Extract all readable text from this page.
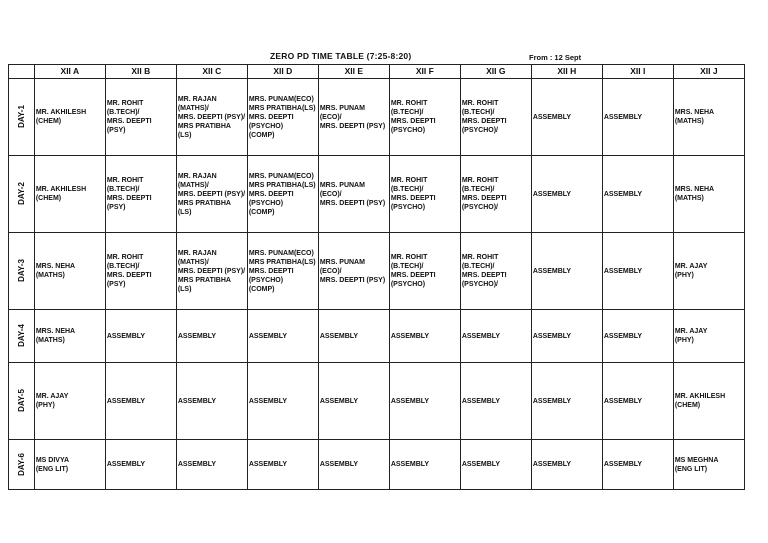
ZERO PD TIME TABLE (7:25-8:20)	From : 12 Sept
	XII A	XII B	XII C	XII D	XII E	XII F	XII G	XII H	XII I	XII J
DAY-1	MR. AKHILESH
(CHEM)	MR. ROHIT
(B.TECH)/
MRS. DEEPTI
(PSY)	MR. RAJAN
(MATHS)/
MRS. DEEPTI (PSY)/
MRS PRATIBHA
(LS)	MRS. PUNAM(ECO)
MRS PRATIBHA(LS)
MRS. DEEPTI
(PSYCHO)
(COMP)	MRS. PUNAM
(ECO)/
MRS. DEEPTI (PSY)	MR. ROHIT
(B.TECH)/
MRS. DEEPTI
(PSYCHO)	MR. ROHIT
(B.TECH)/
MRS. DEEPTI
(PSYCHO)/	ASSEMBLY	ASSEMBLY	MRS. NEHA
(MATHS)
DAY-2	MR. AKHILESH
(CHEM)	MR. ROHIT
(B.TECH)/
MRS. DEEPTI
(PSY)	MR. RAJAN
(MATHS)/
MRS. DEEPTI (PSY)/
MRS PRATIBHA
(LS)	MRS. PUNAM(ECO)
MRS PRATIBHA(LS)
MRS. DEEPTI
(PSYCHO)
(COMP)	MRS. PUNAM
(ECO)/
MRS. DEEPTI (PSY)	MR. ROHIT
(B.TECH)/
MRS. DEEPTI
(PSYCHO)	MR. ROHIT
(B.TECH)/
MRS. DEEPTI
(PSYCHO)/	ASSEMBLY	ASSEMBLY	MRS. NEHA
(MATHS)
DAY-3	MRS. NEHA
(MATHS)	MR. ROHIT
(B.TECH)/
MRS. DEEPTI
(PSY)	MR. RAJAN
(MATHS)/
MRS. DEEPTI (PSY)/
MRS PRATIBHA
(LS)	MRS. PUNAM(ECO)
MRS PRATIBHA(LS)
MRS. DEEPTI
(PSYCHO)
(COMP)	MRS. PUNAM
(ECO)/
MRS. DEEPTI (PSY)	MR. ROHIT
(B.TECH)/
MRS. DEEPTI
(PSYCHO)	MR. ROHIT
(B.TECH)/
MRS. DEEPTI
(PSYCHO)/	ASSEMBLY	ASSEMBLY	MR. AJAY
(PHY)
DAY-4	MRS. NEHA
(MATHS)	ASSEMBLY	ASSEMBLY	ASSEMBLY	ASSEMBLY	ASSEMBLY	ASSEMBLY	ASSEMBLY	ASSEMBLY	MR. AJAY
(PHY)
DAY-5	MR. AJAY
(PHY)	ASSEMBLY	ASSEMBLY	ASSEMBLY	ASSEMBLY	ASSEMBLY	ASSEMBLY	ASSEMBLY	ASSEMBLY	MR. AKHILESH
(CHEM)
DAY-6	MS DIVYA
(ENG LIT)	ASSEMBLY	ASSEMBLY	ASSEMBLY	ASSEMBLY	ASSEMBLY	ASSEMBLY	ASSEMBLY	ASSEMBLY	MS MEGHNA
(ENG LIT)
